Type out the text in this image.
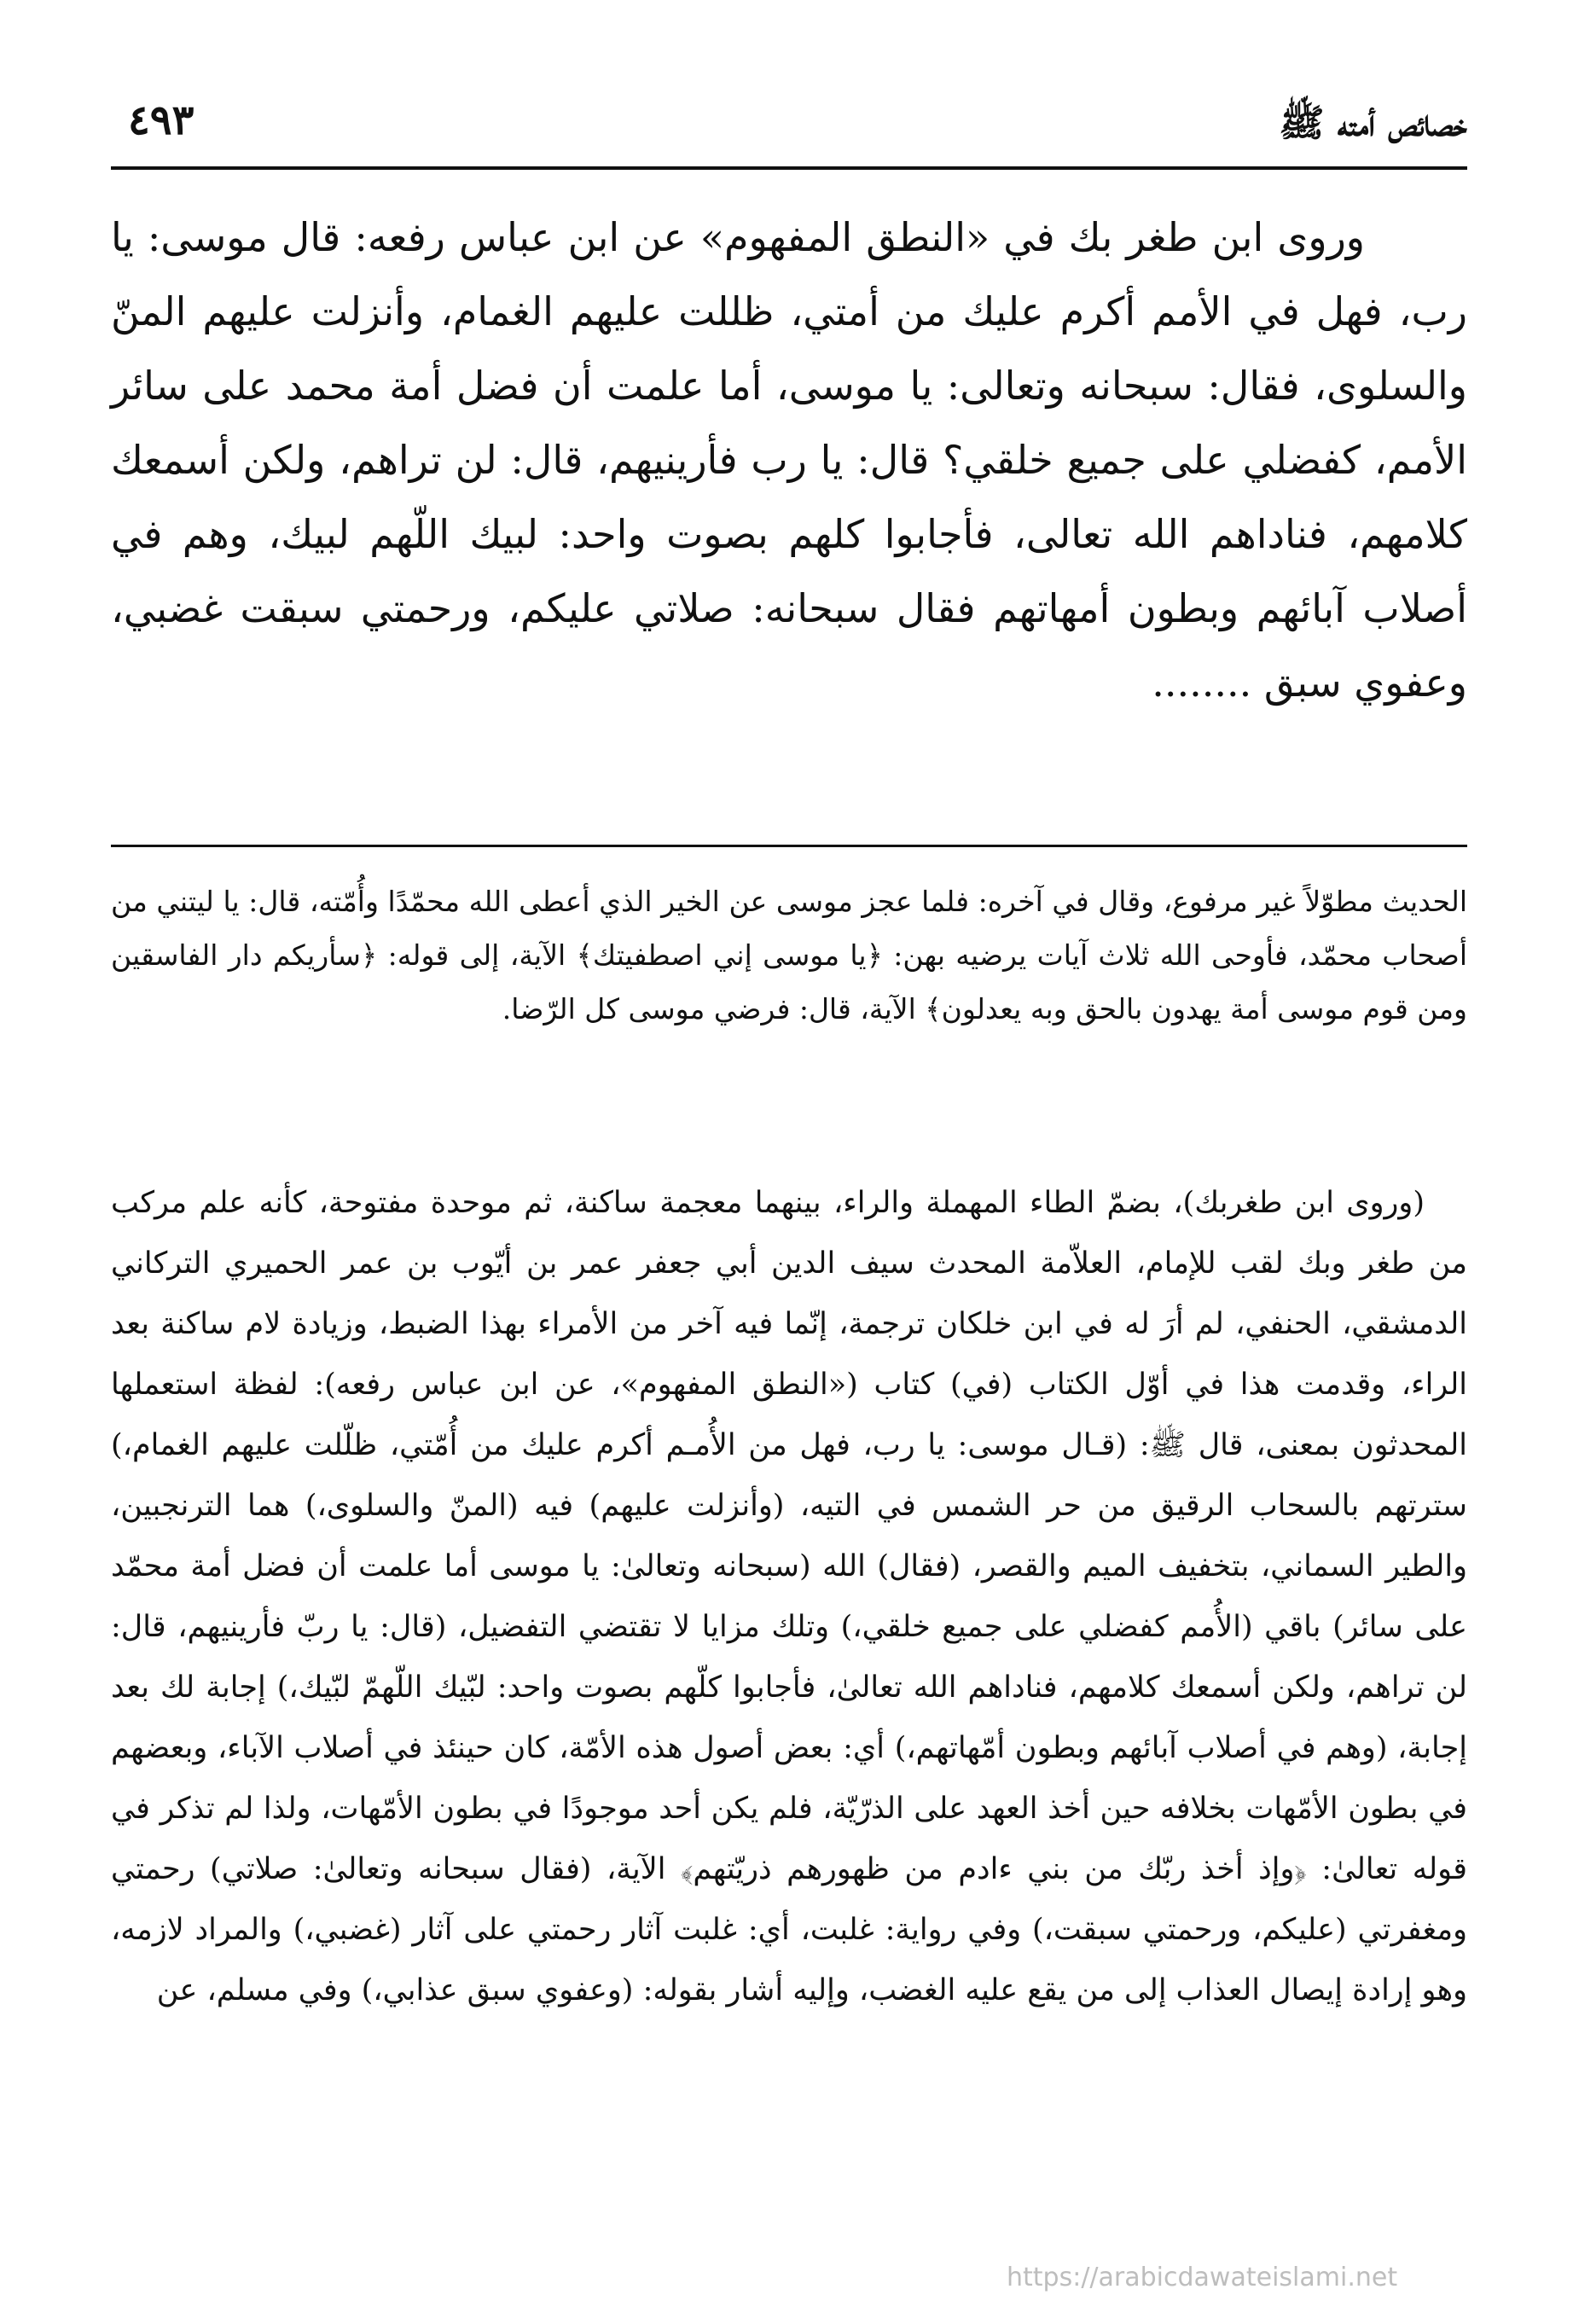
خصائص أمته ﷺ
٤٩٣

وروى ابن طغر بك في «النطق المفهوم» عن ابن عباس رفعه: قال موسى: يا رب، فهل في الأمم أكرم عليك من أمتي، ظللت عليهم الغمام، وأنزلت عليهم المنّ والسلوى، فقال: سبحانه وتعالى: يا موسى، أما علمت أن فضل أمة محمد على سائر الأمم، كفضلي على جميع خلقي؟ قال: يا رب فأرينيهم، قال: لن تراهم، ولكن أسمعك كلامهم، فناداهم الله تعالى، فأجابوا كلهم بصوت واحد: لبيك اللّهم لبيك، وهم في أصلاب آبائهم وبطون أمهاتهم فقال سبحانه: صلاتي عليكم، ورحمتي سبقت غضبي، وعفوي سبق ........

الحديث مطوّلاً غير مرفوع، وقال في آخره: فلما عجز موسى عن الخير الذي أعطى الله محمّدًا وأُمّته، قال: يا ليتني من أصحاب محمّد، فأوحى الله ثلاث آيات يرضيه بهن: ﴿يا موسى إني اصطفيتك﴾ الآية، إلى قوله: ﴿سأريكم دار الفاسقين ومن قوم موسى أمة يهدون بالحق وبه يعدلون﴾ الآية، قال: فرضي موسى كل الرّضا.

(وروى ابن طغربك)، بضمّ الطاء المهملة والراء، بينهما معجمة ساكنة، ثم موحدة مفتوحة، كأنه علم مركب من طغر وبك لقب للإمام، العلاّمة المحدث سيف الدين أبي جعفر عمر بن أيّوب بن عمر الحميري التركاني الدمشقي، الحنفي، لم أرَ له في ابن خلكان ترجمة، إنّما فيه آخر من الأمراء بهذا الضبط، وزيادة لام ساكنة بعد الراء، وقدمت هذا في أوّل الكتاب (في) كتاب («النطق المفهوم»، عن ابن عباس رفعه): لفظة استعملها المحدثون بمعنى، قال ﷺ: (قـال موسى: يا رب، فهل من الأُمـم أكرم عليك من أُمّتي، ظلّلت عليهم الغمام،) سترتهم بالسحاب الرقيق من حر الشمس في التيه، (وأنزلت عليهم) فيه (المنّ والسلوى،) هما الترنجبين، والطير السماني، بتخفيف الميم والقصر، (فقال) الله (سبحانه وتعالىٰ: يا موسى أما علمت أن فضل أمة محمّد على سائر) باقي (الأُمم كفضلي على جميع خلقي،) وتلك مزايا لا تقتضي التفضيل، (قال: يا ربّ فأرينيهم، قال: لن تراهم، ولكن أسمعك كلامهم، فناداهم الله تعالىٰ، فأجابوا كلّهم بصوت واحد: لبّيك اللّهمّ لبّيك،) إجابة لك بعد إجابة، (وهم في أصلاب آبائهم وبطون أمّهاتهم،) أي: بعض أصول هذه الأمّة، كان حينئذ في أصلاب الآباء، وبعضهم في بطون الأمّهات بخلافه حين أخذ العهد على الذرّيّة، فلم يكن أحد موجودًا في بطون الأمّهات، ولذا لم تذكر في قوله تعالىٰ: ﴿وإذ أخذ ربّك من بني ءادم من ظهورهم ذريّتهم﴾ الآية، (فقال سبحانه وتعالىٰ: صلاتي) رحمتي ومغفرتي (عليكم، ورحمتي سبقت،) وفي رواية: غلبت، أي: غلبت آثار رحمتي على آثار (غضبي،) والمراد لازمه، وهو إرادة إيصال العذاب إلى من يقع عليه الغضب، وإليه أشار بقوله: (وعفوي سبق عذابي،) وفي مسلم، عن

https://arabicdawateislami.net
